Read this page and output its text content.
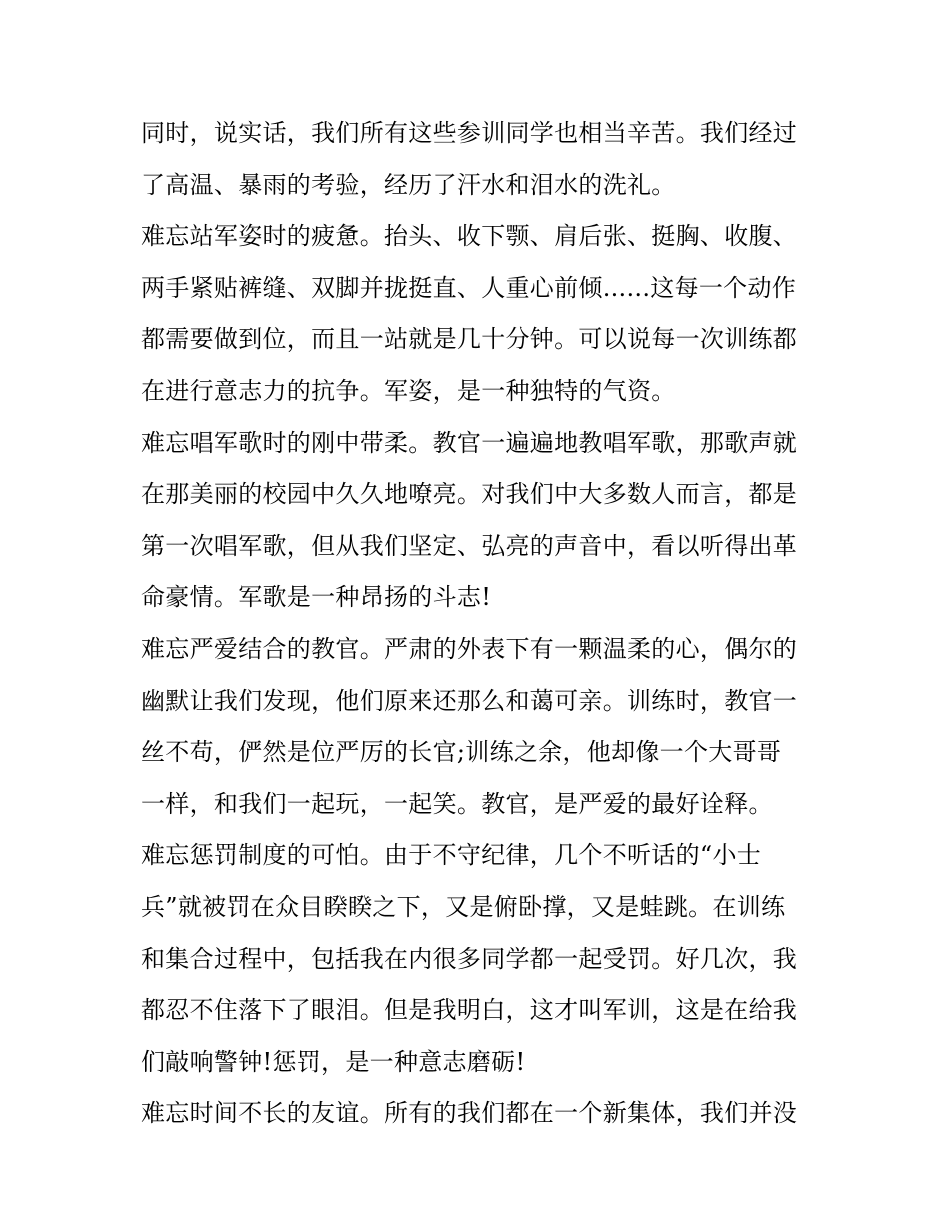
同时，说实话，我们所有这些参训同学也相当辛苦。我们经过
了高温、暴雨的考验，经历了汗水和泪水的洗礼。
难忘站军姿时的疲惫。抬头、收下颚、肩后张、挺胸、收腹、
两手紧贴裤缝、双脚并拢挺直、人重心前倾......这每一个动作
都需要做到位，而且一站就是几十分钟。可以说每一次训练都
在进行意志力的抗争。军姿，是一种独特的气资。
难忘唱军歌时的刚中带柔。教官一遍遍地教唱军歌，那歌声就
在那美丽的校园中久久地嘹亮。对我们中大多数人而言，都是
第一次唱军歌，但从我们坚定、弘亮的声音中，看以听得出革
命豪情。军歌是一种昂扬的斗志!
难忘严爱结合的教官。严肃的外表下有一颗温柔的心，偶尔的
幽默让我们发现，他们原来还那么和蔼可亲。训练时，教官一
丝不苟，俨然是位严厉的长官;训练之余，他却像一个大哥哥
一样，和我们一起玩，一起笑。教官，是严爱的最好诠释。
难忘惩罚制度的可怕。由于不守纪律，几个不听话的“小士
兵”就被罚在众目睽睽之下，又是俯卧撑，又是蛙跳。在训练
和集合过程中，包括我在内很多同学都一起受罚。好几次，我
都忍不住落下了眼泪。但是我明白，这才叫军训，这是在给我
们敲响警钟!惩罚，是一种意志磨砺!
难忘时间不长的友谊。所有的我们都在一个新集体，我们并没
